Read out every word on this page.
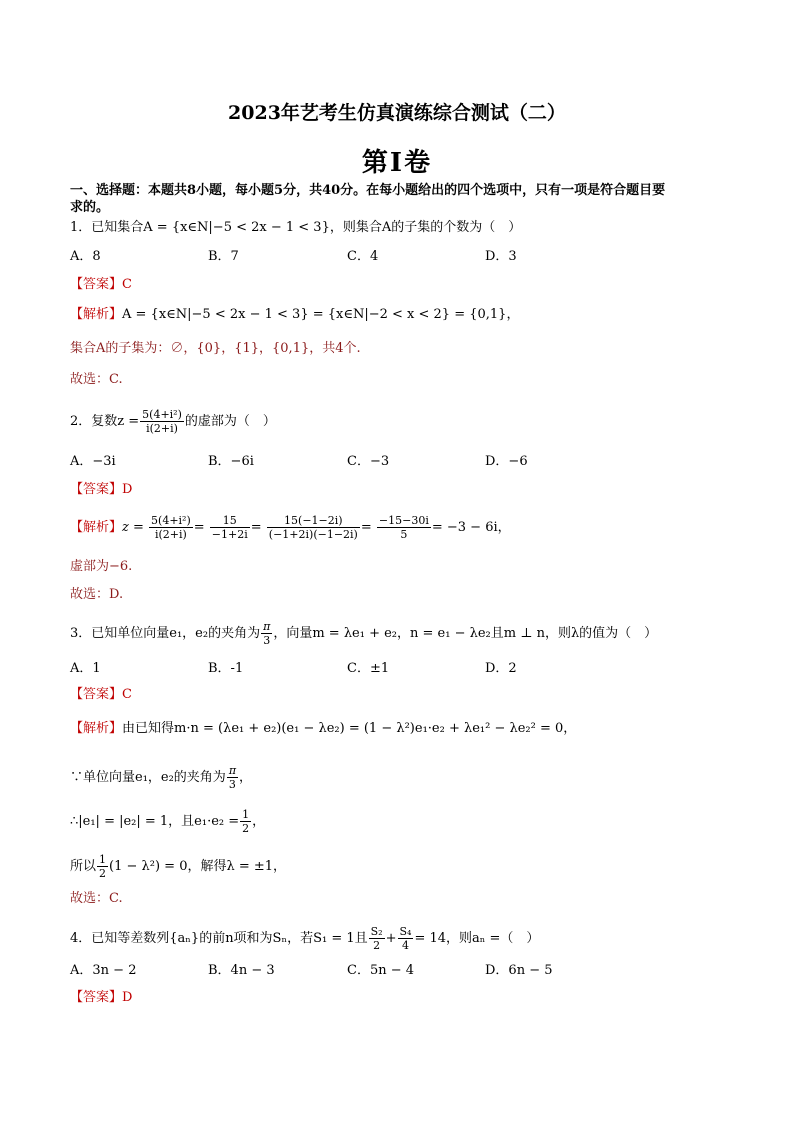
2023年艺考生仿真演练综合测试（二）
第Ⅰ卷
一、选择题：本题共8小题，每小题5分，共40分。在每小题给出的四个选项中，只有一项是符合题目要
求的。
1．已知集合A = {x∈N|−5 < 2x − 1 < 3}，则集合A的子集的个数为（　）
A．8	B．7	C．4	D．3
【答案】C
【解析】A = {x∈N|−5 < 2x − 1 < 3} = {x∈N|−2 < x < 2} = {0,1}，
集合A的子集为：∅，{0}，{1}，{0,1}，共4个.
故选：C.
2．复数$z = \frac{\text{5(4+i²)}}{i(2+i)}$ 的虚部为（　）
A．−3i	B．−6i	C．−3	D．−6
【答案】D
【解析】$z = \frac{\text{5(4+i²)}}{i(2+i)} = \frac{15}{-1+2i} = \frac{15(-1-2i)}{(-1+2i)(-1-2i)} = \frac{-15-30i}{5} = -3 - 6i$，
虚部为−6.
故选：D.
3．已知单位向量e₁，e₂的夹角为 $\frac{\pi}{3}$ ，向量m = λe₁ + e₂，n = e₁ − λe₂且m ⊥ n，则λ的值为（　）
A．1	B．-1	C．±1	D．2
【答案】C
【解析】由已知得m·n = (λe₁ + e₂)(e₁ − λe₂) = (1 − λ²)e₁·e₂ + λe₁² − λe₂² = 0，
∵单位向量e₁，e₂的夹角为 $\frac{\pi}{3}$ ，
∴|e₁| = |e₂| = 1，且$e_1\cdot e_2 = \frac{1}{2}$ ，
所以 $\frac{1}{2} (1 - \lambda^2) = 0$，解得λ = ±1，
故选：C.
4．已知等差数列{aₙ}的前n项和为Sₙ，若S₁ = 1且 $\frac{\text{S₂}}{2} + \frac{\text{S₄}}{4} = 14$，则aₙ =（　）
A．3n − 2	B．4n − 3	C．5n − 4	D．6n − 5
【答案】D
